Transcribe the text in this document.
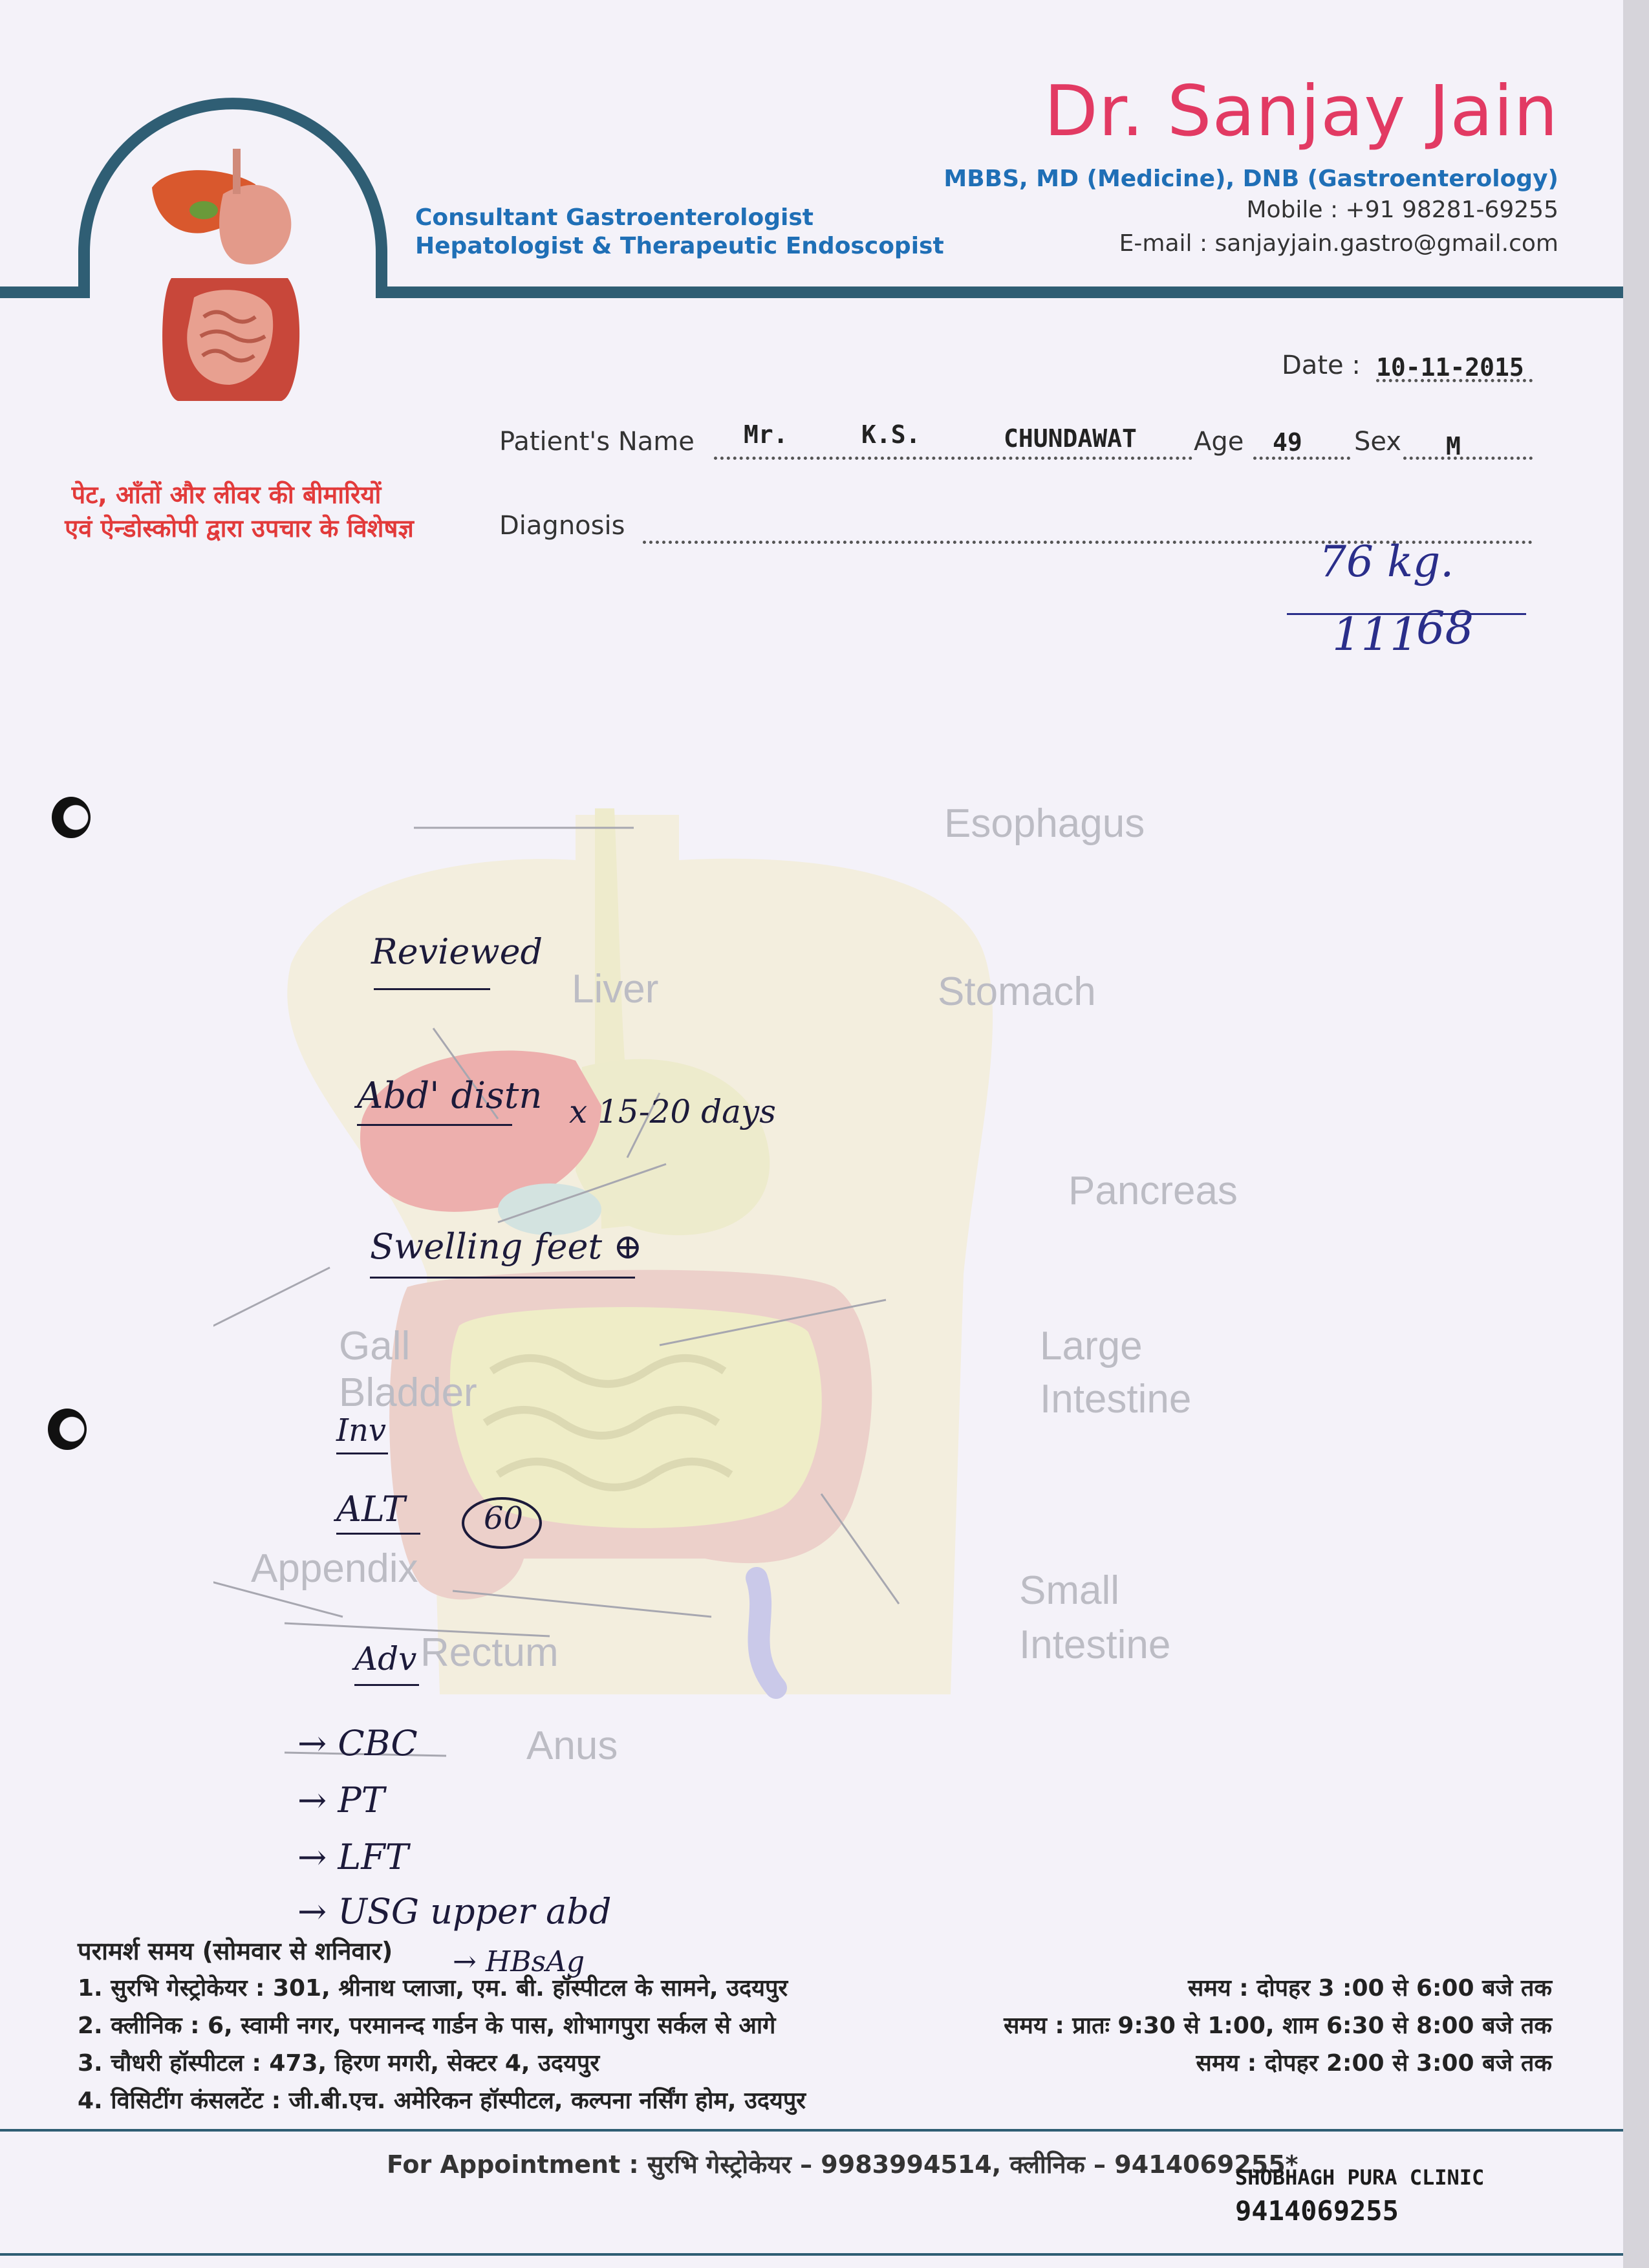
Dr. Sanjay Jain
MBBS, MD (Medicine), DNB (Gastroenterology)
Mobile : +91 98281-69255
E-mail : sanjayjain.gastro@gmail.com
Consultant Gastroenterologist
Hepatologist & Therapeutic Endoscopist
पेट, आँतों और लीवर की बीमारियों
एवं ऐन्डोस्कोपी द्वारा उपचार के विशेषज्ञ
Date : 10-11-2015
Patient's Name Mr.	K.S.	CHUNDAWAT Age 49 Sex M
Diagnosis
76 kg.
111
68
Esophagus
Liver	Stomach
Pancreas
Gall
Bladder
Large
Intestine
Appendix	Small
Intestine
Rectum
Anus
Reviewed
Abd' distn x 15-20 days
Swelling feet ⊕
Inv
ALT	60
Adv
→ CBC
→ PT
→ LFT
→ USG upper abd
→ HBsAg
परामर्श समय (सोमवार से शनिवार)
1. सुरभि गेस्ट्रोकेयर : 301, श्रीनाथ प्लाजा, एम. बी. हॉस्पीटल के सामने, उदयपुर
2. क्लीनिक : 6, स्वामी नगर, परमानन्द गार्डन के पास, शोभागपुरा सर्कल से आगे
3. चौधरी हॉस्पीटल : 473, हिरण मगरी, सेक्टर 4, उदयपुर
4. विसिटींग कंसलटेंट : जी.बी.एच. अमेरिकन हॉस्पीटल, कल्पना नर्सिंग होम, उदयपुर
समय : दोपहर 3 :00 से 6:00 बजे तक
समय : प्रातः 9:30 से 1:00, शाम 6:30 से 8:00 बजे तक
समय : दोपहर 2:00 से 3:00 बजे तक
For Appointment : सुरभि गेस्ट्रोकेयर – 9983994514, क्लीनिक – 9414069255*
SHOBHAGH PURA CLINIC
9414069255
